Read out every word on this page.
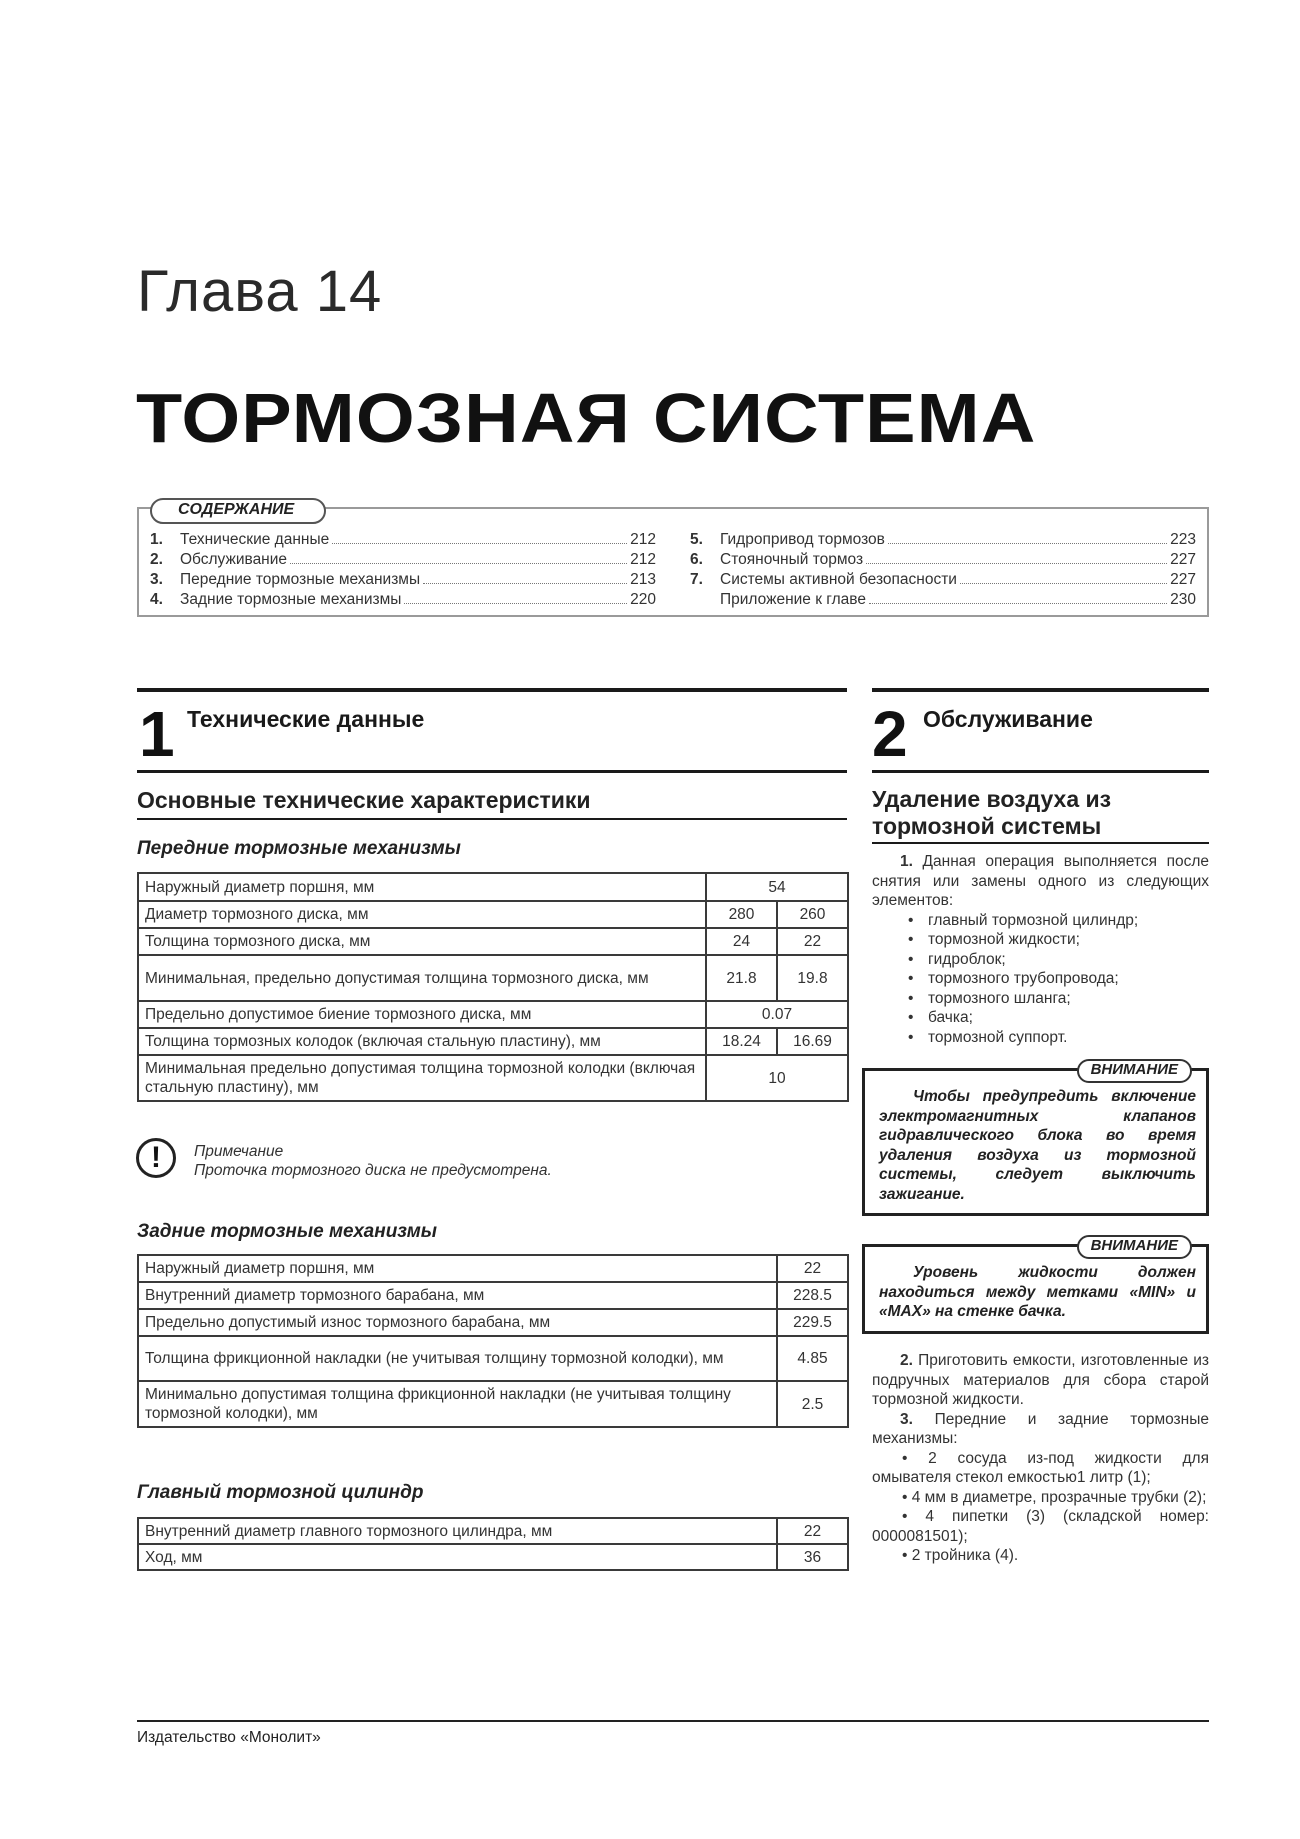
Глава 14
ТОРМОЗНАЯ СИСТЕМА
СОДЕРЖАНИЕ
1.	Технические данные	212
2.	Обслуживание	212
3.	Передние тормозные механизмы	213
4.	Задние тормозные механизмы	220
5.	Гидропривод тормозов	223
6.	Стояночный тормоз	227
7.	Системы активной безопасности	227
Приложение к главе	230
1 Технические данные
Основные технические характеристики
Передние тормозные механизмы
Наружный диаметр поршня, мм	54	
Диаметр тормозного диска, мм	280	260
Толщина тормозного диска, мм	24	22
Минимальная, предельно допустимая толщина тормозного диска, мм	21.8	19.8
Предельно допустимое биение тормозного диска, мм	0.07	
Толщина тормозных колодок (включая стальную пластину), мм	18.24	16.69
Минимальная предельно допустимая толщина тормозной колодки (включая стальную пластину), мм	10	
!	Примечание
Проточка тормозного диска не предусмотрена.
Задние тормозные механизмы
Наружный диаметр поршня, мм	22
Внутренний диаметр тормозного барабана, мм	228.5
Предельно допустимый износ тормозного барабана, мм	229.5
Толщина фрикционной накладки (не учитывая толщину тормозной колодки), мм	4.85
Минимально допустимая толщина фрикционной накладки (не учитывая толщину тормозной колодки), мм	2.5
Главный тормозной цилиндр
Внутренний диаметр главного тормозного цилиндра, мм	22
Ход, мм	36
2 Обслуживание
Удаление воздуха из тормозной системы
1. Данная операция выполняется после снятия или замены одного из следующих элементов:
• главный тормозной цилиндр;
• тормозной жидкости;
• гидроблок;
• тормозного трубопровода;
• тормозного шланга;
• бачка;
• тормозной суппорт.
ВНИМАНИЕ
Чтобы предупредить включение электромагнитных клапанов гидравлического блока во время удаления воздуха из тормозной системы, следует выключить зажигание.
ВНИМАНИЕ
Уровень жидкости должен находиться между метками «MIN» и «MAX» на стенке бачка.
2. Приготовить емкости, изготовленные из подручных материалов для сбора старой тормозной жидкости.
3. Передние и задние тормозные механизмы:
• 2 сосуда из-под жидкости для омывателя стекол емкостью1 литр (1);
• 4 мм в диаметре, прозрачные трубки (2);
• 4 пипетки (3) (складской номер: 0000081501);
• 2 тройника (4).
Издательство «Монолит»
